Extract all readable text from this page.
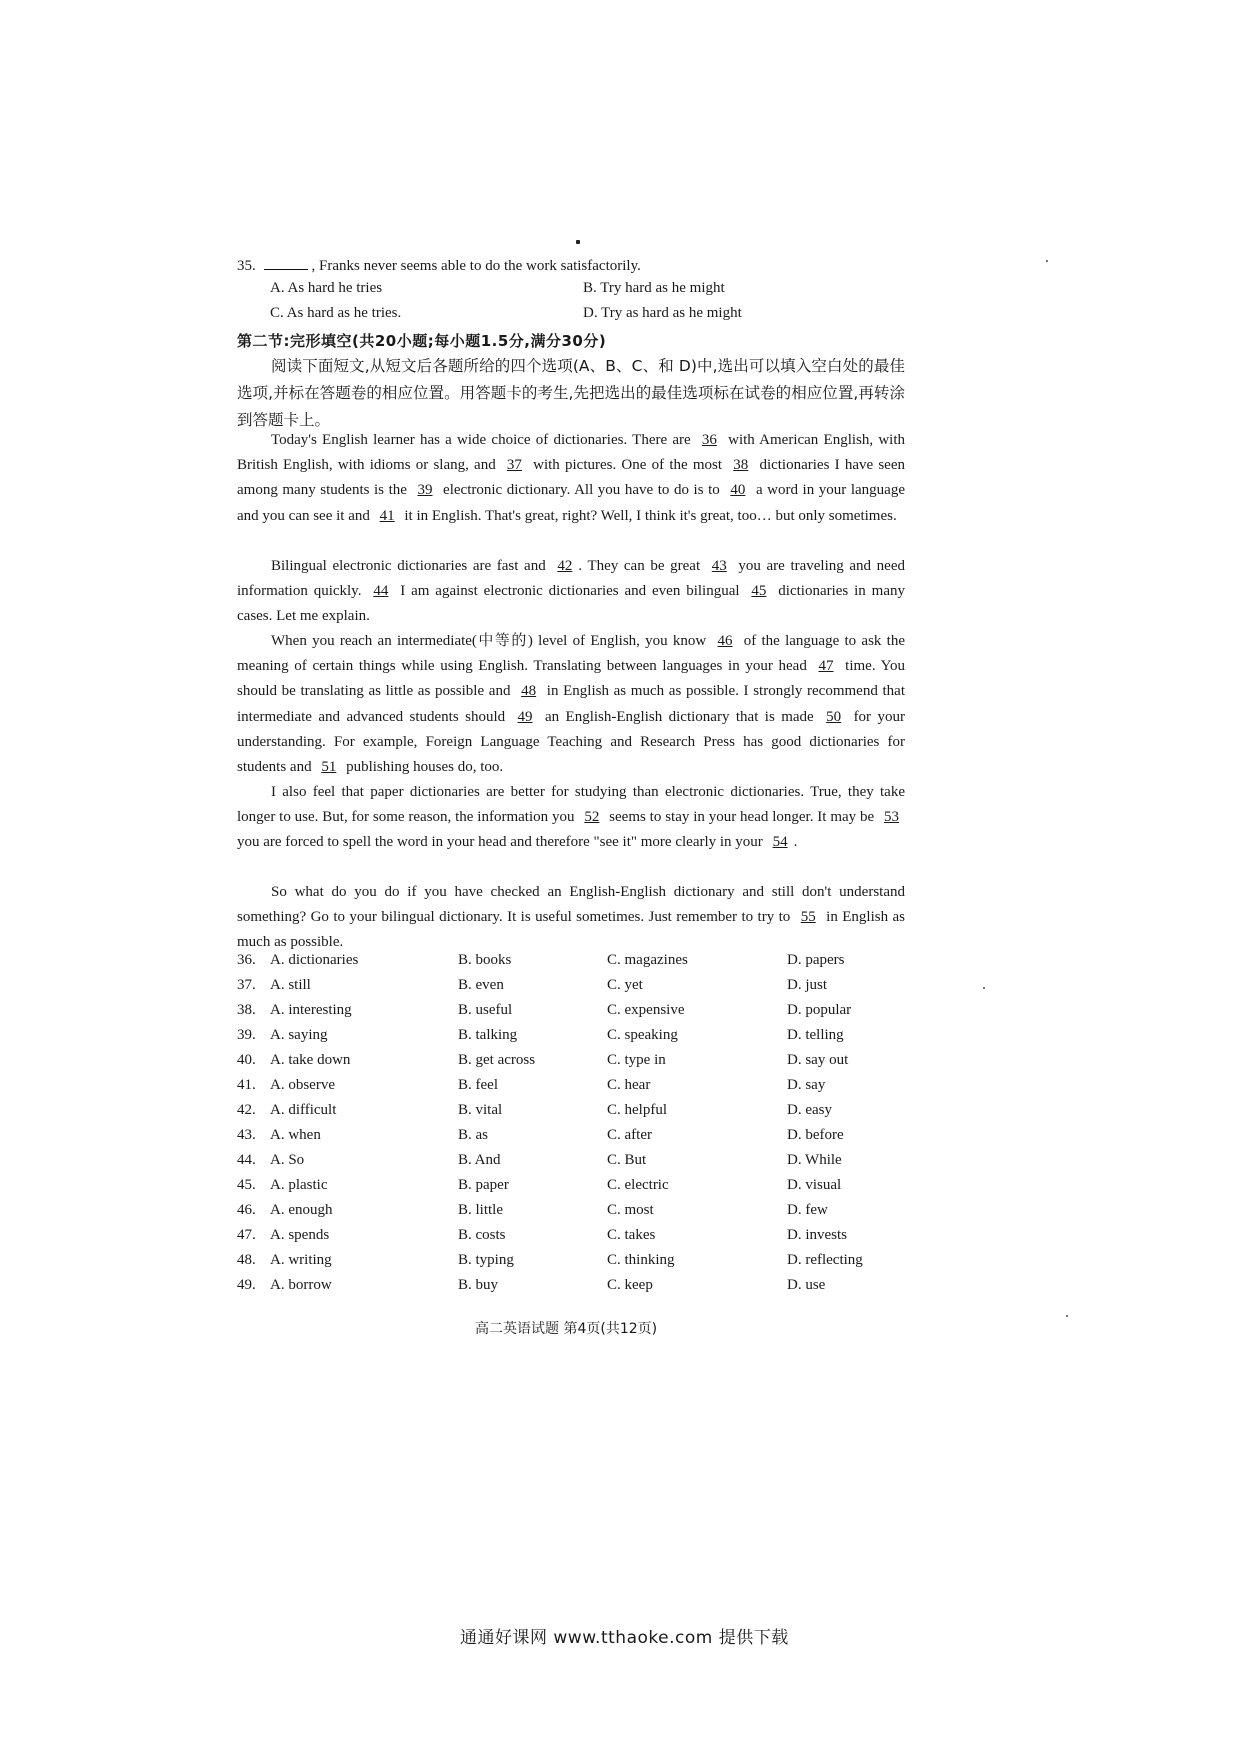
35.	, Franks never seems able to do the work satisfactorily.
A. As hard he tries	B. Try hard as he might
C. As hard as he tries.	D. Try as hard as he might
第二节:完形填空(共20小题;每小题1.5分,满分30分)
阅读下面短文,从短文后各题所给的四个选项(A、B、C、和 D)中,选出可以填入空白处的最佳选项,并标在答题卷的相应位置。用答题卡的考生,先把选出的最佳选项标在试卷的相应位置,再转涂到答题卡上。
Today's English learner has a wide choice of dictionaries. There are 36 with American English, with British English, with idioms or slang, and 37 with pictures. One of the most 38 dictionaries I have seen among many students is the 39 electronic dictionary. All you have to do is to 40 a word in your language and you can see it and 41 it in English. That's great, right? Well, I think it's great, too… but only sometimes.
Bilingual electronic dictionaries are fast and 42 . They can be great 43 you are traveling and need information quickly. 44 I am against electronic dictionaries and even bilingual 45 dictionaries in many cases. Let me explain.
When you reach an intermediate(中等的) level of English, you know 46 of the language to ask the meaning of certain things while using English. Translating between languages in your head 47 time. You should be translating as little as possible and 48 in English as much as possible. I strongly recommend that intermediate and advanced students should 49 an English-English dictionary that is made 50 for your understanding. For example, Foreign Language Teaching and Research Press has good dictionaries for students and 51 publishing houses do, too.
I also feel that paper dictionaries are better for studying than electronic dictionaries. True, they take longer to use. But, for some reason, the information you 52 seems to stay in your head longer. It may be 53 you are forced to spell the word in your head and therefore "see it" more clearly in your 54 .
So what do you do if you have checked an English-English dictionary and still don't understand something? Go to your bilingual dictionary. It is useful sometimes. Just remember to try to 55 in English as much as possible.
36. A. dictionaries	B. books	C. magazines	D. papers
37. A. still	B. even	C. yet	D. just
38. A. interesting	B. useful	C. expensive	D. popular
39. A. saying	B. talking	C. speaking	D. telling
40. A. take down	B. get across	C. type in	D. say out
41. A. observe	B. feel	C. hear	D. say
42. A. difficult	B. vital	C. helpful	D. easy
43. A. when	B. as	C. after	D. before
44. A. So	B. And	C. But	D. While
45. A. plastic	B. paper	C. electric	D. visual
46. A. enough	B. little	C. most	D. few
47. A. spends	B. costs	C. takes	D. invests
48. A. writing	B. typing	C. thinking	D. reflecting
49. A. borrow	B. buy	C. keep	D. use
高二英语试题 第4页(共12页)
通通好课网 www.tthaoke.com 提供下载
